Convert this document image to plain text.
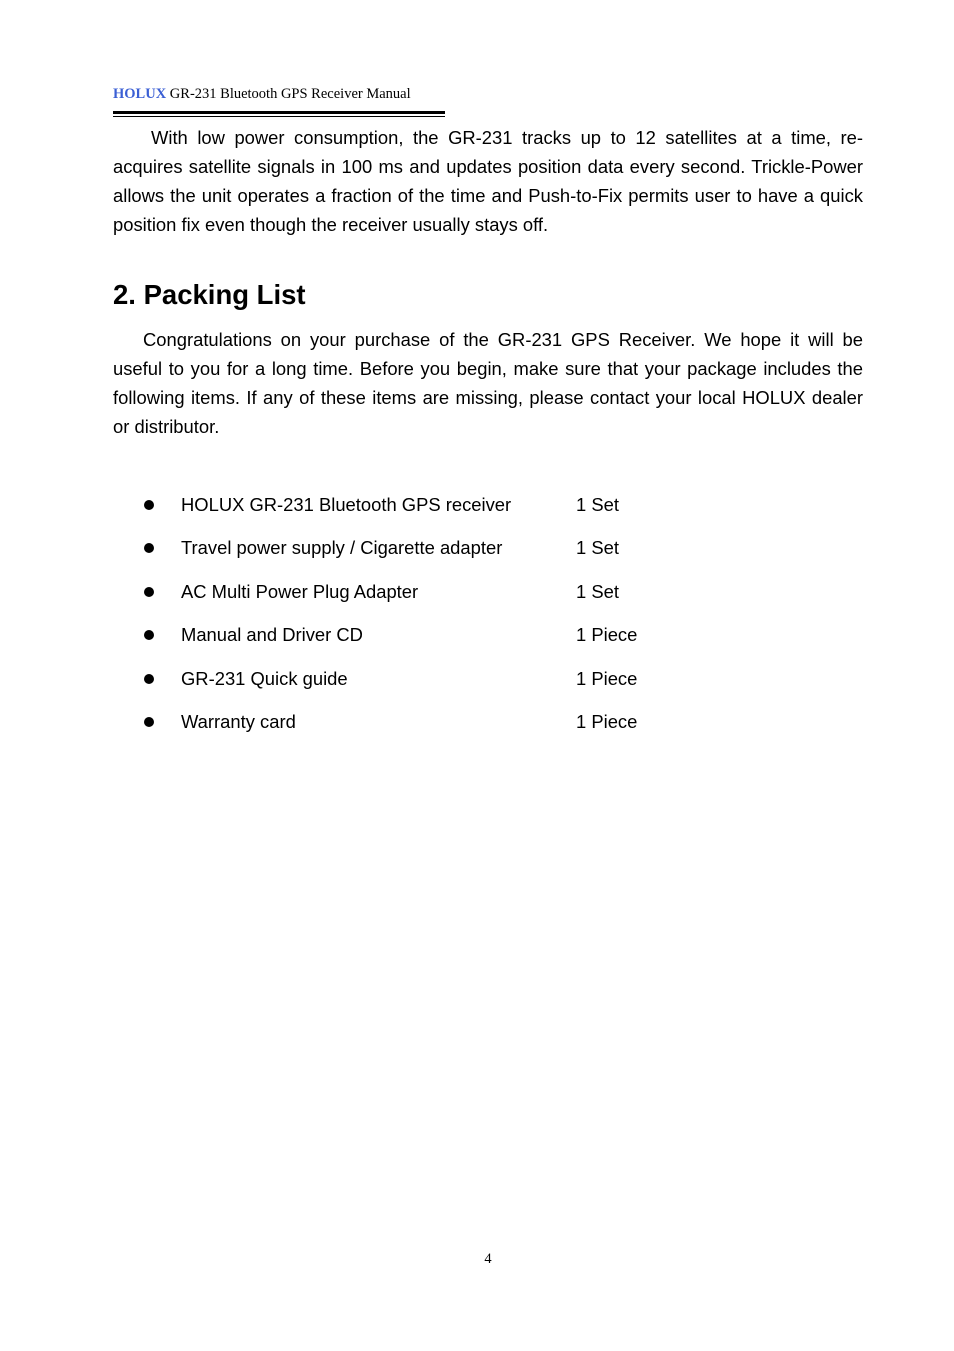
HOLUX GR-231 Bluetooth GPS Receiver Manual

With low power consumption, the GR-231 tracks up to 12 satellites at a time, re-acquires satellite signals in 100 ms and updates position data every second. Trickle-Power allows the unit operates a fraction of the time and Push-to-Fix permits user to have a quick position fix even though the receiver usually stays off.

2. Packing List

Congratulations on your purchase of the GR-231 GPS Receiver. We hope it will be useful to you for a long time. Before you begin, make sure that your package includes the following items. If any of these items are missing, please contact your local HOLUX dealer or distributor.

HOLUX GR-231 Bluetooth GPS receiver	1 Set
Travel power supply / Cigarette adapter	1 Set
AC Multi Power Plug Adapter	1 Set
Manual and Driver CD	1 Piece
GR-231 Quick guide	1 Piece
Warranty card	1 Piece
4
